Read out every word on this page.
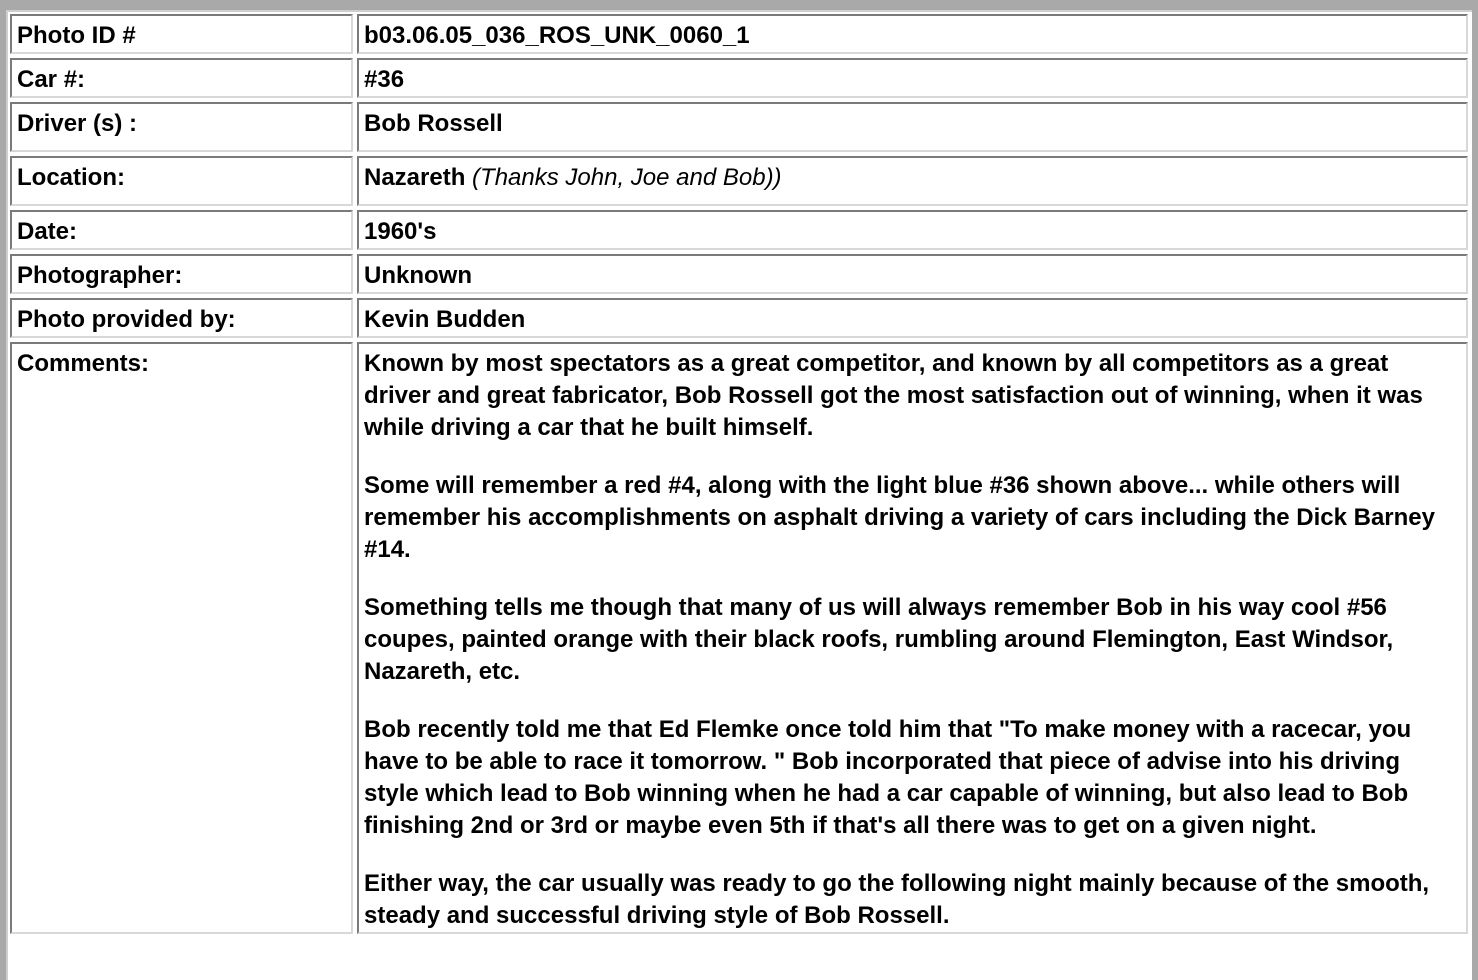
Photo ID #	b03.06.05_036_ROS_UNK_0060_1
Car #:	#36
Driver (s) :	Bob Rossell
Location:	Nazareth (Thanks John, Joe and Bob))
Date:	1960's
Photographer:	Unknown
Photo provided by:	Kevin Budden
Comments:	Known by most spectators as a great competitor, and known by all competitors as a great driver and great fabricator, Bob Rossell got the most satisfaction out of winning, when it was while driving a car that he built himself.

Some will remember a red #4, along with the light blue #36 shown above... while others will remember his accomplishments on asphalt driving a variety of cars including the Dick Barney #14.

Something tells me though that many of us will always remember Bob in his way cool #56 coupes, painted orange with their black roofs, rumbling around Flemington, East Windsor, Nazareth, etc.

Bob recently told me that Ed Flemke once told him that "To make money with a racecar, you have to be able to race it tomorrow. " Bob incorporated that piece of advise into his driving style which lead to Bob winning when he had a car capable of winning, but also lead to Bob finishing 2nd or 3rd or maybe even 5th if that's all there was to get on a given night.

Either way, the car usually was ready to go the following night mainly because of the smooth, steady and successful driving style of Bob Rossell.
